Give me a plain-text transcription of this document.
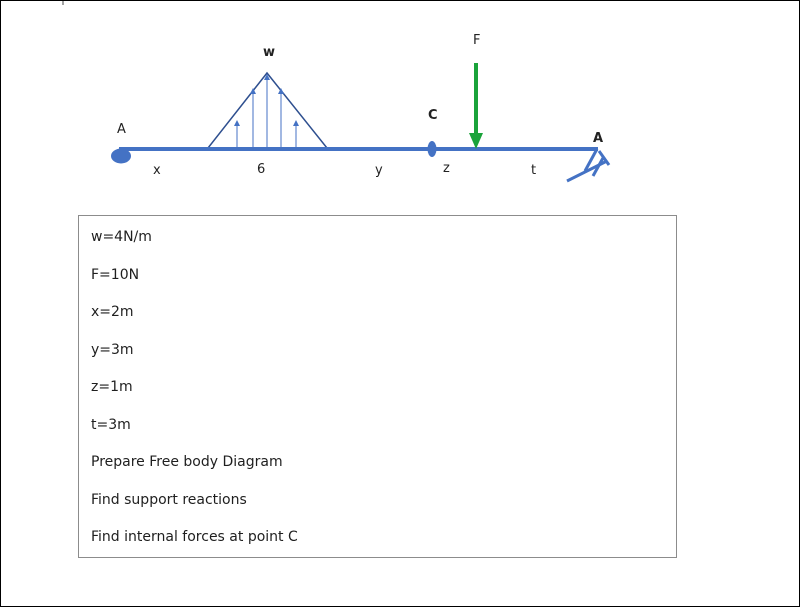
F
w
A
C
A
x	6	y	z	t
w=4N/m
F=10N
x=2m
y=3m
z=1m
t=3m
Prepare Free body Diagram
Find support reactions
Find internal forces at point C
